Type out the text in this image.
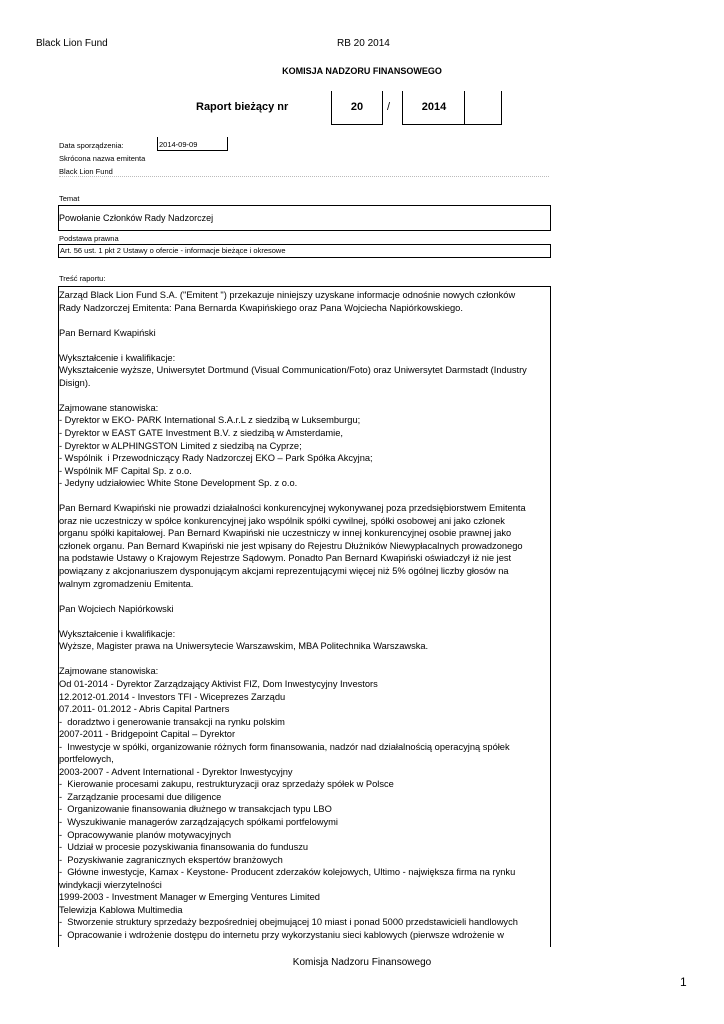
Black Lion Fund	RB 20 2014
KOMISJA NADZORU FINANSOWEGO
Raport bieżący nr	20	/	2014
Data sporządzenia:	2014-09-09
Skrócona nazwa emitenta
Black Lion Fund
Temat
Powołanie Członków Rady Nadzorczej
Podstawa prawna
Art. 56 ust. 1 pkt 2 Ustawy o ofercie - informacje bieżące i okresowe
Treść raportu:
Zarząd Black Lion Fund S.A. ("Emitent ") przekazuje niniejszy uzyskane informacje odnośnie nowych członków
Rady Nadzorczej Emitenta: Pana Bernarda Kwapińskiego oraz Pana Wojciecha Napiórkowskiego.

Pan Bernard Kwapiński

Wykształcenie i kwalifikacje:
Wykształcenie wyższe, Uniwersytet Dortmund (Visual Communication/Foto) oraz Uniwersytet Darmstadt (Industry
Disign).

Zajmowane stanowiska:
- Dyrektor w EKO- PARK International S.A.r.L z siedzibą w Luksemburgu;
- Dyrektor w EAST GATE Investment B.V. z siedzibą w Amsterdamie,
- Dyrektor w ALPHINGSTON Limited z siedzibą na Cyprze;
- Wspólnik  i Przewodniczący Rady Nadzorczej EKO – Park Spółka Akcyjna;
- Wspólnik MF Capital Sp. z o.o.
- Jedyny udziałowiec White Stone Development Sp. z o.o.

Pan Bernard Kwapiński nie prowadzi działalności konkurencyjnej wykonywanej poza przedsiębiorstwem Emitenta
oraz nie uczestniczy w spółce konkurencyjnej jako wspólnik spółki cywilnej, spółki osobowej ani jako członek
organu spółki kapitałowej. Pan Bernard Kwapiński nie uczestniczy w innej konkurencyjnej osobie prawnej jako
członek organu. Pan Bernard Kwapiński nie jest wpisany do Rejestru Dłużników Niewypłacalnych prowadzonego
na podstawie Ustawy o Krajowym Rejestrze Sądowym. Ponadto Pan Bernard Kwapiński oświadczył iż nie jest
powiązany z akcjonariuszem dysponującym akcjami reprezentującymi więcej niż 5% ogólnej liczby głosów na
walnym zgromadzeniu Emitenta.

Pan Wojciech Napiórkowski

Wykształcenie i kwalifikacje:
Wyższe, Magister prawa na Uniwersytecie Warszawskim, MBA Politechnika Warszawska.

Zajmowane stanowiska:
Od 01-2014 - Dyrektor Zarządzający Aktivist FIZ, Dom Inwestycyjny Investors
12.2012-01.2014 - Investors TFI - Wiceprezes Zarządu
07.2011- 01.2012 - Abris Capital Partners
-  doradztwo i generowanie transakcji na rynku polskim
2007-2011 - Bridgepoint Capital – Dyrektor
-  Inwestycje w spółki, organizowanie różnych form finansowania, nadzór nad działalnością operacyjną spółek
portfelowych,
2003-2007 - Advent International - Dyrektor Inwestycyjny
-  Kierowanie procesami zakupu, restrukturyzacji oraz sprzedaży spółek w Polsce
-  Zarządzanie procesami due diligence
-  Organizowanie finansowania dłużnego w transakcjach typu LBO
-  Wyszukiwanie managerów zarządzających spółkami portfelowymi
-  Opracowywanie planów motywacyjnych
-  Udział w procesie pozyskiwania finansowania do funduszu
-  Pozyskiwanie zagranicznych ekspertów branżowych
-  Główne inwestycje, Kamax - Keystone- Producent zderzaków kolejowych, Ultimo - największa firma na rynku
windykacji wierzytelności
1999-2003 - Investment Manager w Emerging Ventures Limited
Telewizja Kablowa Multimedia
-  Stworzenie struktury sprzedaży bezpośredniej obejmującej 10 miast i ponad 5000 przedstawicieli handlowych
-  Opracowanie i wdrożenie dostępu do internetu przy wykorzystaniu sieci kablowych (pierwsze wdrożenie w
Komisja Nadzoru Finansowego
1
